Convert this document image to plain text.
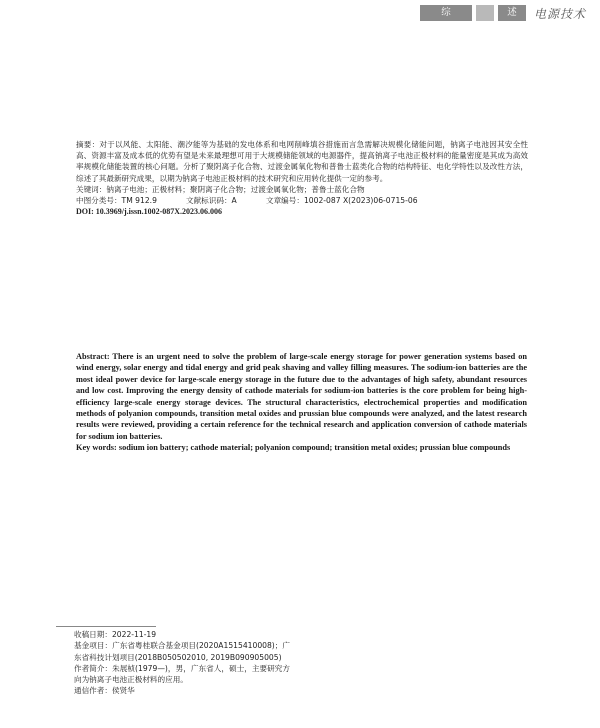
综	述	电源技术

摘要：对于以风能、太阳能、潮汐能等为基础的发电体系和电网削峰填谷措施而言急需解决规模化储能问题，钠离子电池因其安全性高、资源丰富及成本低的优势有望是未来最理想可用于大规模储能领域的电源器件，提高钠离子电池正极材料的能量密度是其成为高效率规模化储能装置的核心问题。分析了聚阴离子化合物、过渡金属氧化物和普鲁士蓝类化合物的结构特征、电化学特性以及改性方法，综述了其最新研究成果，以期为钠离子电池正极材料的技术研究和应用转化提供一定的参考。

关键词：钠离子电池；正极材料；聚阴离子化合物；过渡金属氧化物；普鲁士蓝化合物

中图分类号：TM 912.9	文献标识码：A	文章编号：1002-087 X(2023)06-0715-06

DOI: 10.3969/j.issn.1002-087X.2023.06.006

Abstract: There is an urgent need to solve the problem of large-scale energy storage for power generation systems based on wind energy, solar energy and tidal energy and grid peak shaving and valley filling measures. The sodium-ion batteries are the most ideal power device for large-scale energy storage in the future due to the advantages of high safety, abundant resources and low cost. Improving the energy density of cathode materials for sodium-ion batteries is the core problem for being high-efficiency large-scale energy storage devices. The structural characteristics, electrochemical properties and modification methods of polyanion compounds, transition metal oxides and prussian blue compounds were analyzed, and the latest research results were reviewed, providing a certain reference for the technical research and application conversion of cathode materials for sodium ion batteries.

Key words: sodium ion battery; cathode material; polyanion compound; transition metal oxides; prussian blue compounds

收稿日期：2022-11-19

基金项目：广东省粤桂联合基金项目(2020A1515410008)；广东省科技计划项目(2018B050502010, 2019B090905005)

作者简介：朱展桢(1979—)，男，广东省人，硕士，主要研究方向为钠离子电池正极材料的应用。

通信作者：侯贤华
